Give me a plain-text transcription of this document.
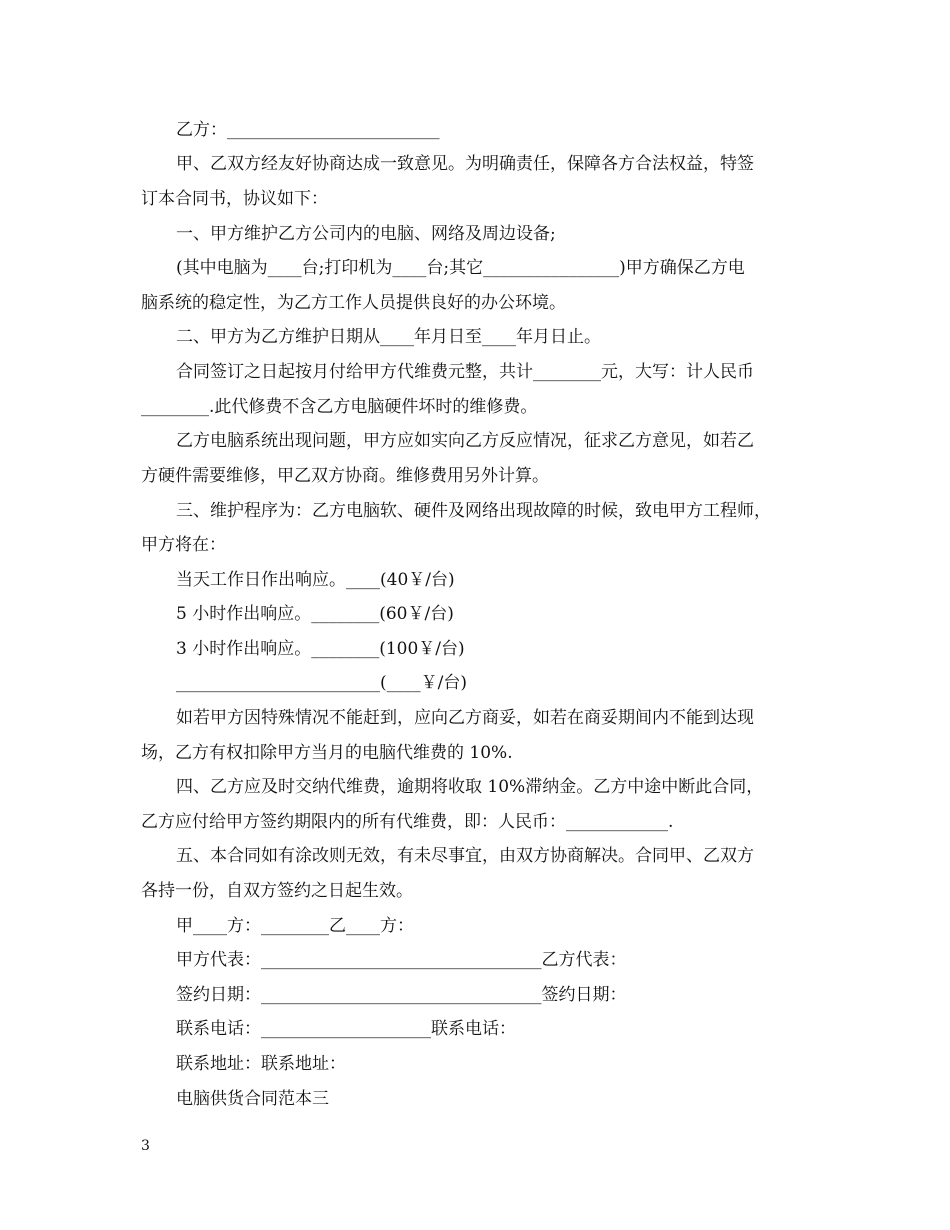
乙方：_________________________
甲、乙双方经友好协商达成一致意见。为明确责任，保障各方合法权益，特签
订本合同书，协议如下：
一、甲方维护乙方公司内的电脑、网络及周边设备;
(其中电脑为____台;打印机为____台;其它________________)甲方确保乙方电
脑系统的稳定性，为乙方工作人员提供良好的办公环境。
二、甲方为乙方维护日期从____年月日至____年月日止。
合同签订之日起按月付给甲方代维费元整，共计________元，大写：计人民币
________.此代修费不含乙方电脑硬件坏时的维修费。
乙方电脑系统出现问题，甲方应如实向乙方反应情况，征求乙方意见，如若乙
方硬件需要维修，甲乙双方协商。维修费用另外计算。
三、维护程序为：乙方电脑软、硬件及网络出现故障的时候，致电甲方工程师，
甲方将在：
当天工作日作出响应。____(40￥/台)
5 小时作出响应。________(60￥/台)
3 小时作出响应。________(100￥/台)
________________________(____￥/台)
如若甲方因特殊情况不能赶到，应向乙方商妥，如若在商妥期间内不能到达现
场，乙方有权扣除甲方当月的电脑代维费的 10%.
四、乙方应及时交纳代维费，逾期将收取 10%滞纳金。乙方中途中断此合同，
乙方应付给甲方签约期限内的所有代维费，即：人民币：____________.
五、本合同如有涂改则无效，有未尽事宜，由双方协商解决。合同甲、乙双方
各持一份，自双方签约之日起生效。
甲____方：________乙____方：
甲方代表：_________________________________乙方代表：
签约日期：_________________________________签约日期：
联系电话：____________________联系电话：
联系地址：联系地址：
电脑供货合同范本三
3
